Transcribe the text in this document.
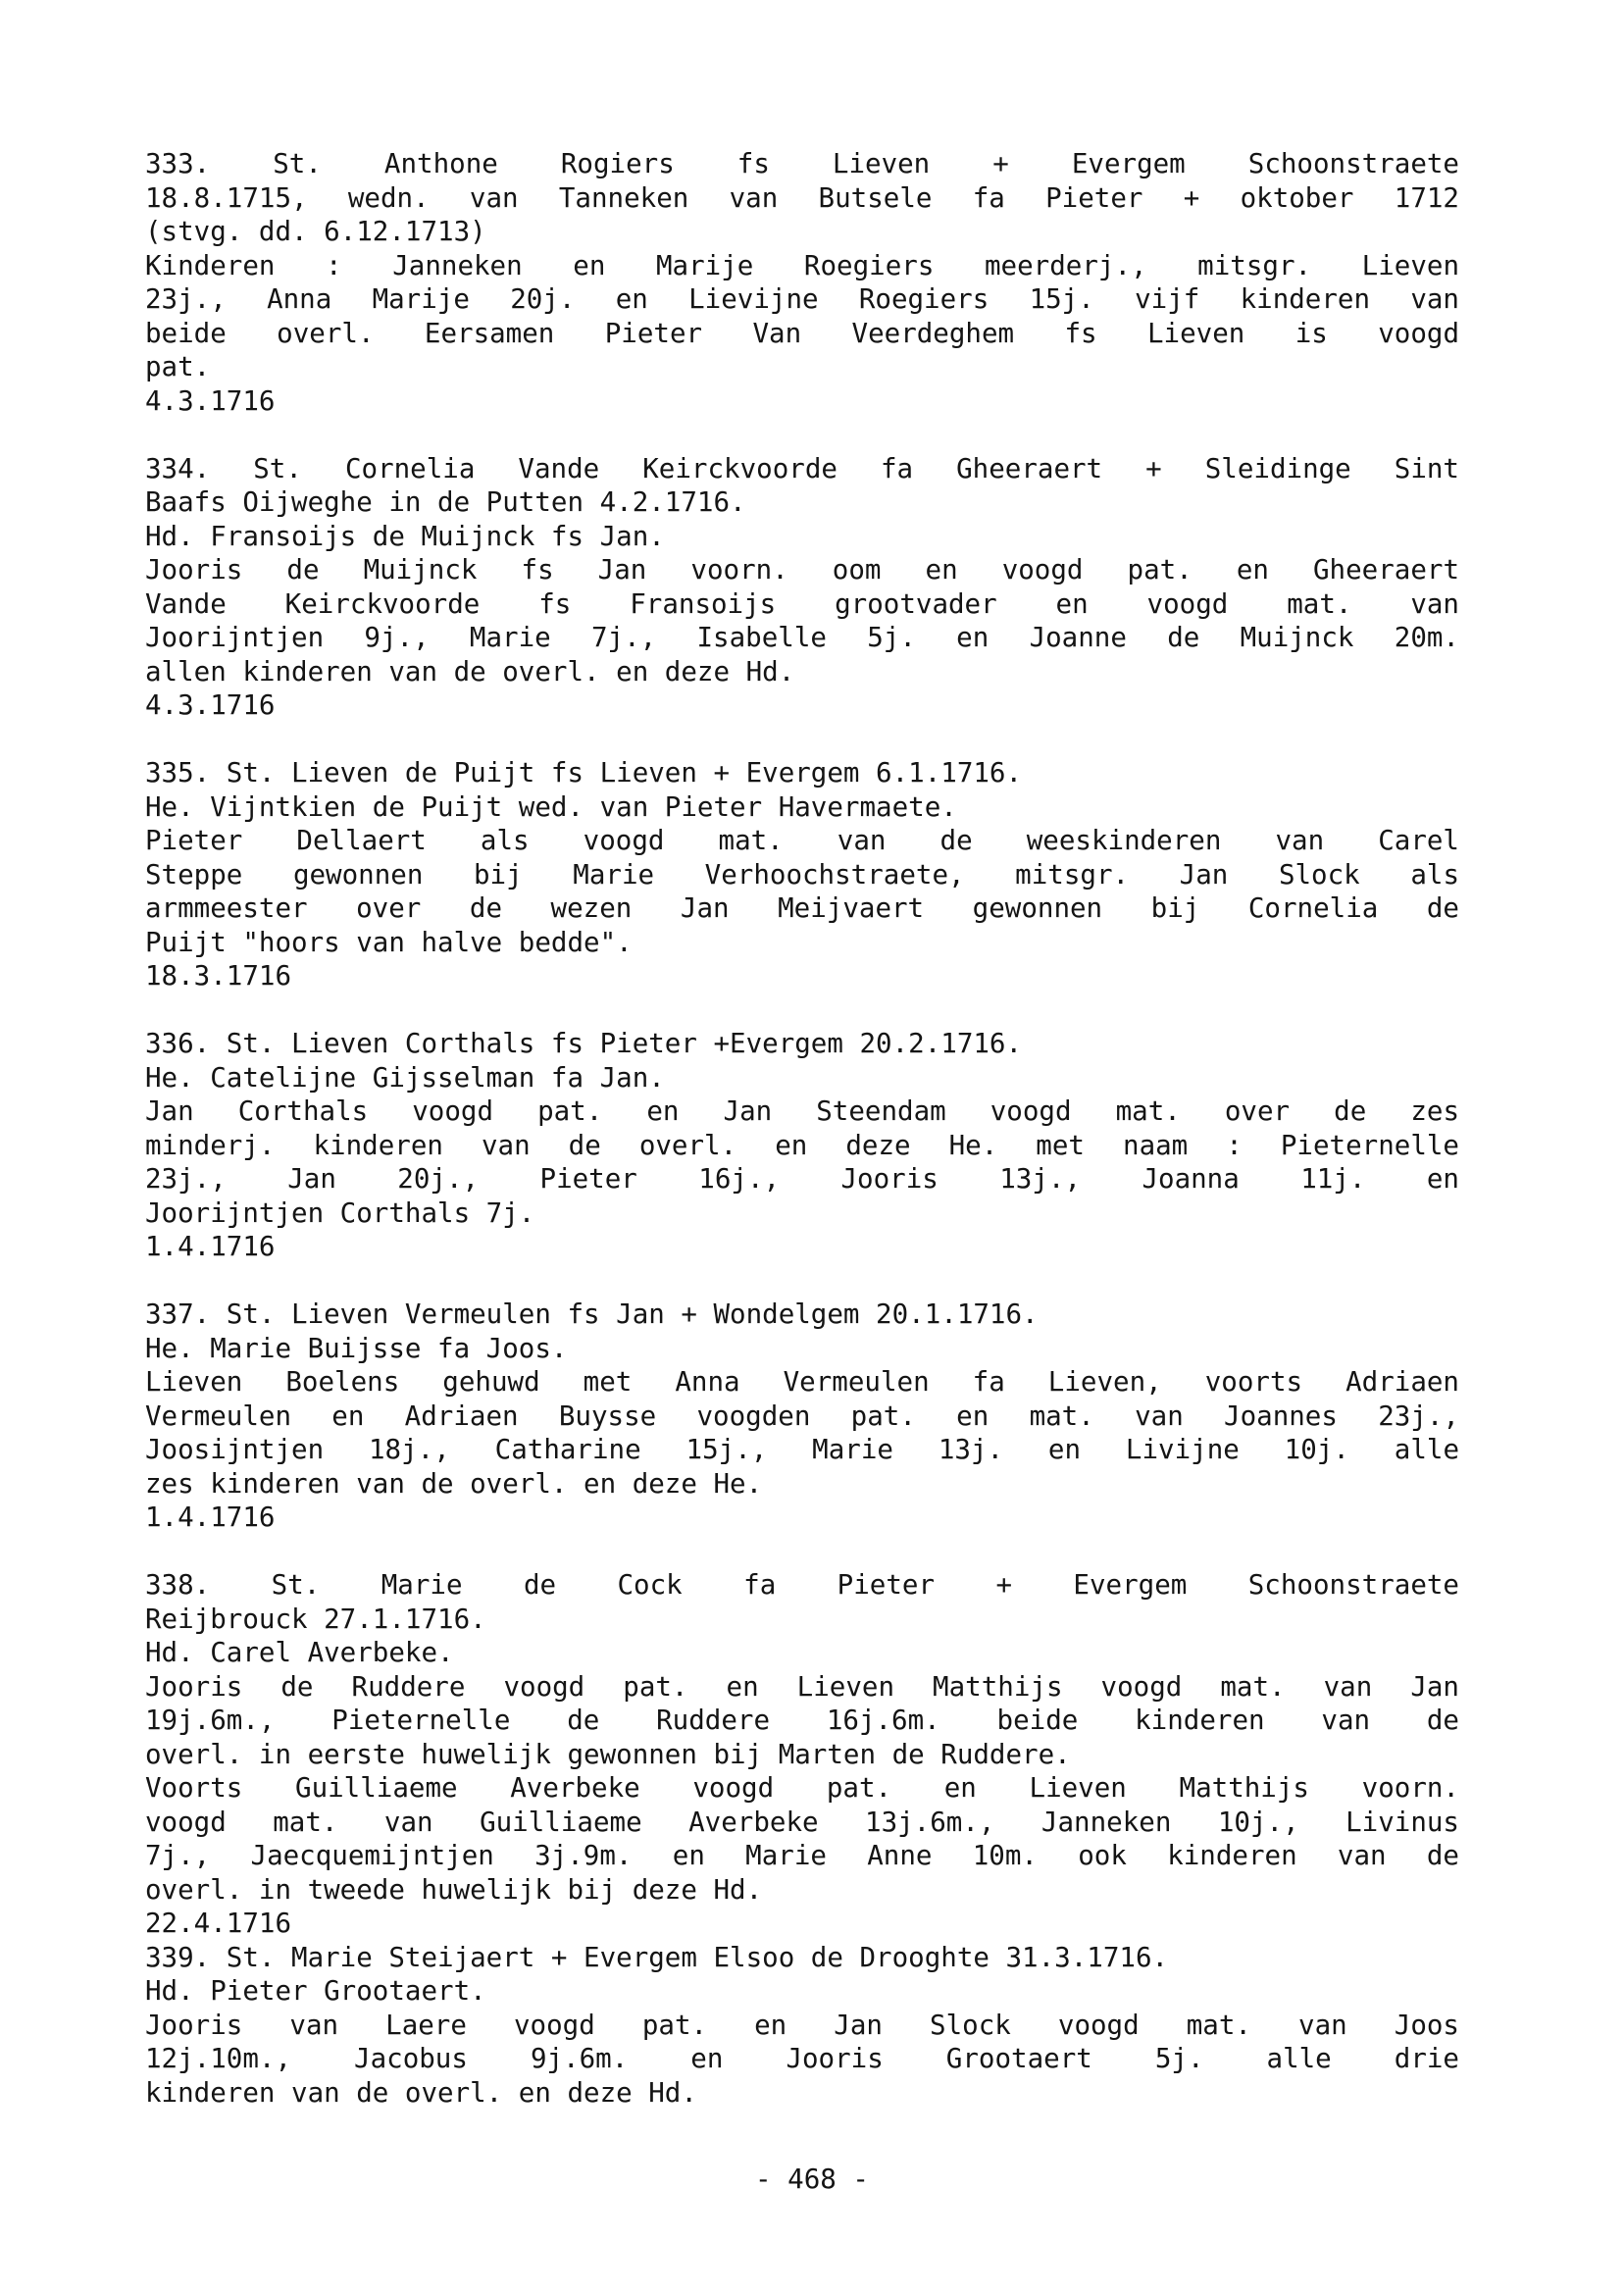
333. St. Anthone Rogiers fs Lieven + Evergem Schoonstraete
18.8.1715, wedn. van Tanneken van Butsele fa Pieter + oktober 1712
(stvg. dd. 6.12.1713)
Kinderen : Janneken en Marije Roegiers meerderj., mitsgr. Lieven
23j., Anna Marije 20j. en Lievijne Roegiers 15j. vijf kinderen van
beide overl. Eersamen Pieter Van Veerdeghem fs Lieven is voogd
pat.
4.3.1716
334. St. Cornelia Vande Keirckvoorde fa Gheeraert + Sleidinge Sint
Baafs Oijweghe in de Putten 4.2.1716.
Hd. Fransoijs de Muijnck fs Jan.
Jooris de Muijnck fs Jan voorn. oom en voogd pat. en Gheeraert
Vande Keirckvoorde fs Fransoijs grootvader en voogd mat. van
Joorijntjen 9j., Marie 7j., Isabelle 5j. en Joanne de Muijnck 20m.
allen kinderen van de overl. en deze Hd.
4.3.1716
335. St. Lieven de Puijt fs Lieven + Evergem 6.1.1716.
He. Vijntkien de Puijt wed. van Pieter Havermaete.
Pieter Dellaert als voogd mat. van de weeskinderen van Carel
Steppe gewonnen bij Marie Verhoochstraete, mitsgr. Jan Slock als
armmeester over de wezen Jan Meijvaert gewonnen bij Cornelia de
Puijt "hoors van halve bedde".
18.3.1716
336. St. Lieven Corthals fs Pieter +Evergem 20.2.1716.
He. Catelijne Gijsselman fa Jan.
Jan Corthals voogd pat. en Jan Steendam voogd mat. over de zes
minderj. kinderen van de overl. en deze He. met naam : Pieternelle
23j., Jan 20j., Pieter 16j., Jooris 13j., Joanna 11j. en
Joorijntjen Corthals 7j.
1.4.1716
337. St. Lieven Vermeulen fs Jan + Wondelgem 20.1.1716.
He. Marie Buijsse fa Joos.
Lieven Boelens gehuwd met Anna Vermeulen fa Lieven, voorts Adriaen
Vermeulen en Adriaen Buysse voogden pat. en mat. van Joannes 23j.,
Joosijntjen 18j., Catharine 15j., Marie 13j. en Livijne 10j. alle
zes kinderen van de overl. en deze He.
1.4.1716
338. St. Marie de Cock fa Pieter + Evergem Schoonstraete
Reijbrouck 27.1.1716.
Hd. Carel Averbeke.
Jooris de Ruddere voogd pat. en Lieven Matthijs voogd mat. van Jan
19j.6m., Pieternelle de Ruddere 16j.6m. beide kinderen van de
overl. in eerste huwelijk gewonnen bij Marten de Ruddere.
Voorts Guilliaeme Averbeke voogd pat. en Lieven Matthijs voorn.
voogd mat. van Guilliaeme Averbeke 13j.6m., Janneken 10j., Livinus
7j., Jaecquemijntjen 3j.9m. en Marie Anne 10m. ook kinderen van de
overl. in tweede huwelijk bij deze Hd.
22.4.1716
339. St. Marie Steijaert + Evergem Elsoo de Drooghte 31.3.1716.
Hd. Pieter Grootaert.
Jooris van Laere voogd pat. en Jan Slock voogd mat. van Joos
12j.10m., Jacobus 9j.6m. en Jooris Grootaert 5j. alle drie
kinderen van de overl. en deze Hd.
- 468 -
